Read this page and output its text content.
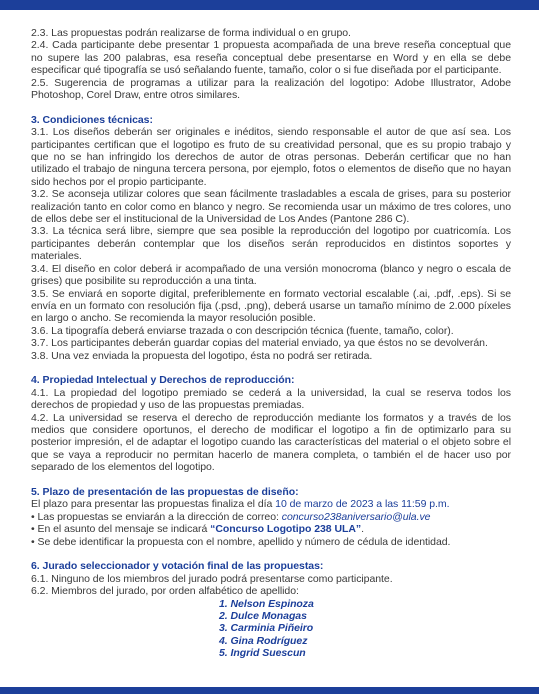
2.3. Las propuestas podrán realizarse de forma individual o en grupo.

2.4. Cada participante debe presentar 1 propuesta acompañada de una breve reseña conceptual que no supere las 200 palabras, esa reseña conceptual debe presentarse en Word y en ella se debe especificar qué tipografía se usó señalando fuente, tamaño, color o si fue diseñada por el participante.

2.5. Sugerencia de programas a utilizar para la realización del logotipo: Adobe Illustrator, Adobe Photoshop, Corel Draw, entre otros similares.

3. Condiciones técnicas:

3.1. Los diseños deberán ser originales e inéditos, siendo responsable el autor de que así sea. Los participantes certifican que el logotipo es fruto de su creatividad personal, que es su propio trabajo y que no se han infringido los derechos de autor de otras personas. Deberán certificar que no han utilizado el trabajo de ninguna tercera persona, por ejemplo, fotos o elementos de diseño que no hayan sido hechos por el propio participante.

3.2. Se aconseja utilizar colores que sean fácilmente trasladables a escala de grises, para su posterior realización tanto en color como en blanco y negro. Se recomienda usar un máximo de tres colores, uno de ellos debe ser el institucional de la Universidad de Los Andes (Pantone 286 C).

3.3. La técnica será libre, siempre que sea posible la reproducción del logotipo por cuatricomía. Los participantes deberán contemplar que los diseños serán reproducidos en distintos soportes y materiales.

3.4. El diseño en color deberá ir acompañado de una versión monocroma (blanco y negro o escala de grises) que posibilite su reproducción a una tinta.

3.5. Se enviará en soporte digital, preferiblemente en formato vectorial escalable (.ai, .pdf, .eps). Si se envía en un formato con resolución fija (.psd, .png), deberá usarse un tamaño mínimo de 2.000 píxeles en largo o ancho. Se recomienda la mayor resolución posible.

3.6. La tipografía deberá enviarse trazada o con descripción técnica (fuente, tamaño, color).

3.7. Los participantes deberán guardar copias del material enviado, ya que éstos no se devolverán.

3.8. Una vez enviada la propuesta del logotipo, ésta no podrá ser retirada.

4. Propiedad Intelectual y Derechos de reproducción:

4.1. La propiedad del logotipo premiado se cederá a la universidad, la cual se reserva todos los derechos de propiedad y uso de las propuestas premiadas.

4.2. La universidad se reserva el derecho de reproducción mediante los formatos y a través de los medios que considere oportunos, el derecho de modificar el logotipo a fin de optimizarlo para su posterior impresión, el de adaptar el logotipo cuando las características del material o el objeto sobre el que se vaya a reproducir no permitan hacerlo de manera completa, o también el de hacer uso por separado de los elementos del logotipo.

5. Plazo de presentación de las propuestas de diseño:

El plazo para presentar las propuestas finaliza el día 10 de marzo de 2023 a las 11:59 p.m.

• Las propuestas se enviarán a la dirección de correo: concurso238aniversario@ula.ve

• En el asunto del mensaje se indicará “Concurso Logotipo 238 ULA”.

• Se debe identificar la propuesta con el nombre, apellido y número de cédula de identidad.

6. Jurado seleccionador y votación final de las propuestas:

6.1. Ninguno de los miembros del jurado podrá presentarse como participante.

6.2. Miembros del jurado, por orden alfabético de apellido:

1. Nelson Espinoza
2. Dulce Monagas
3. Carminia Piñeiro
4. Gina Rodríguez
5. Ingrid Suescun
